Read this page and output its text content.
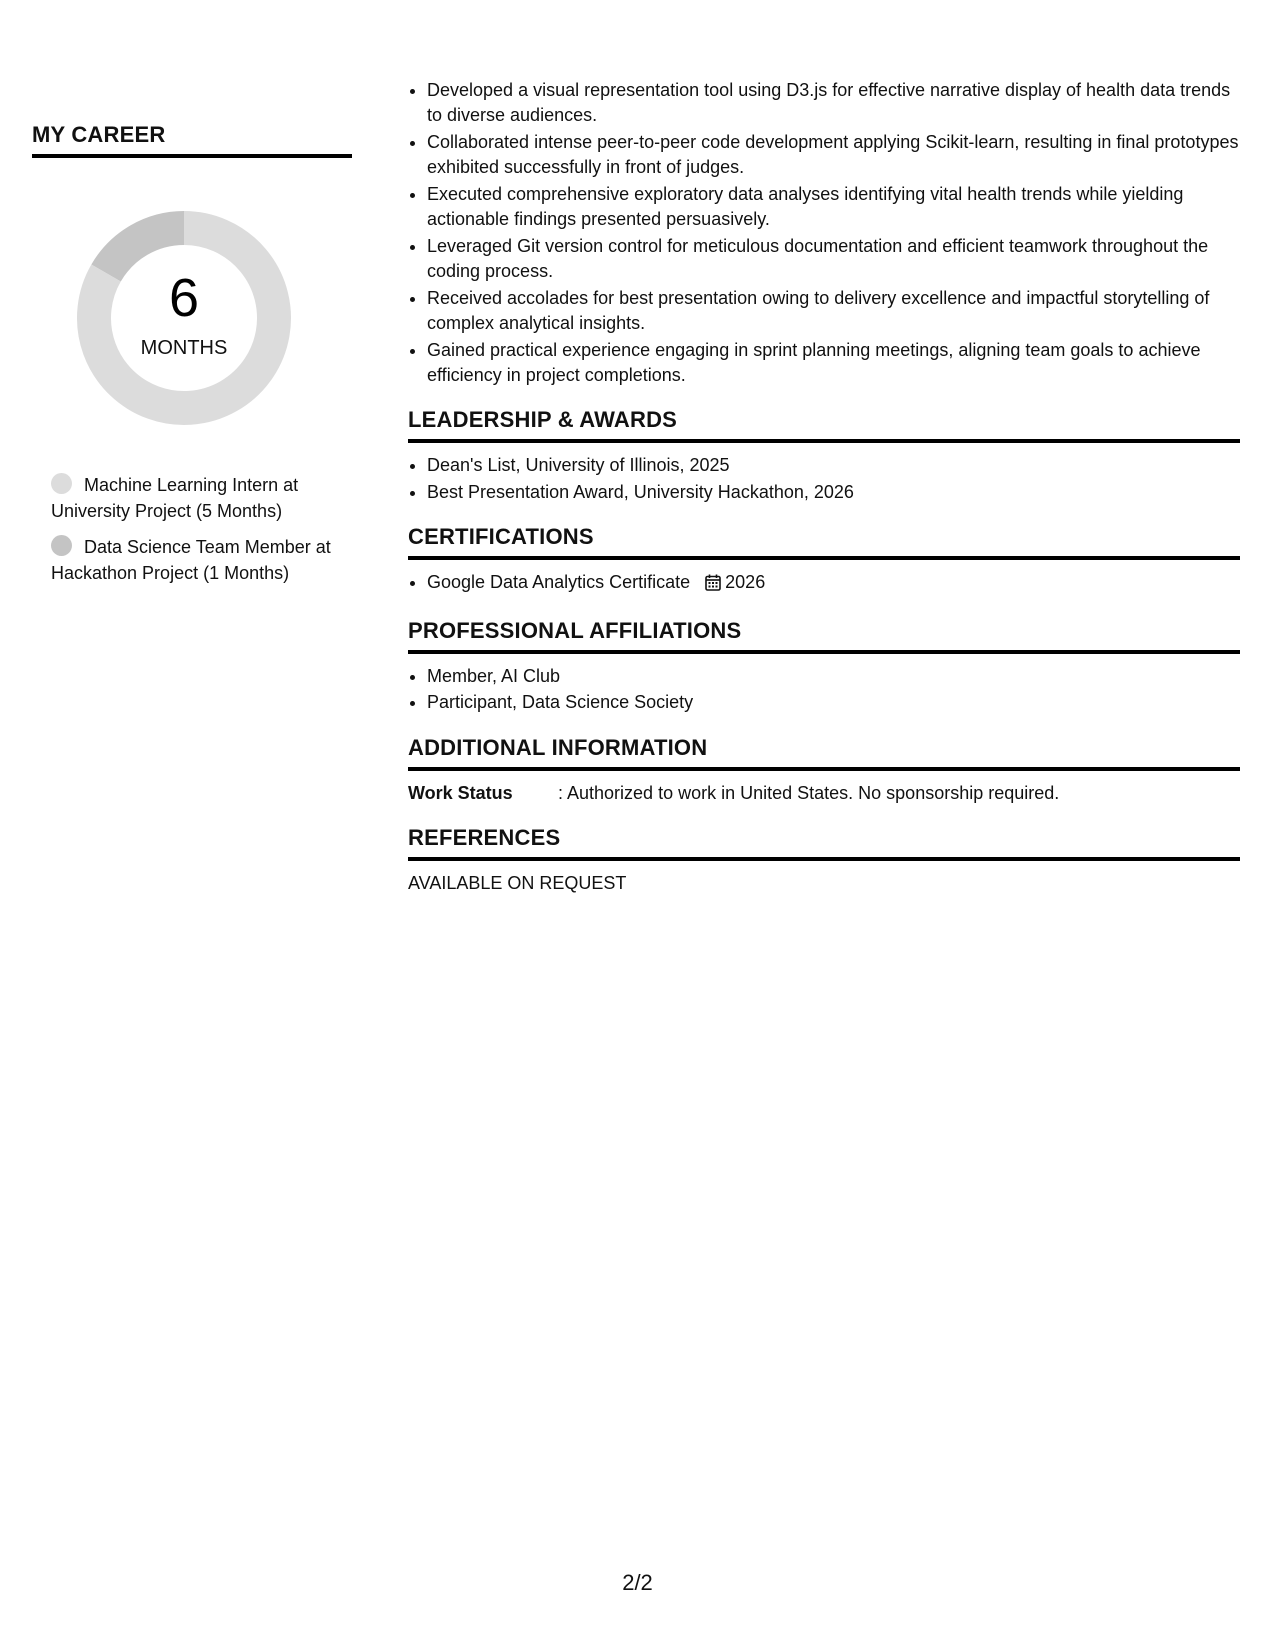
MY CAREER
6
MONTHS
Machine Learning Intern at University Project (5 Months)
Data Science Team Member at Hackathon Project (1 Months)
• Developed a visual representation tool using D3.js for effective narrative display of health data trends to diverse audiences.
• Collaborated intense peer-to-peer code development applying Scikit-learn, resulting in final prototypes exhibited successfully in front of judges.
• Executed comprehensive exploratory data analyses identifying vital health trends while yielding actionable findings presented persuasively.
• Leveraged Git version control for meticulous documentation and efficient teamwork throughout the coding process.
• Received accolades for best presentation owing to delivery excellence and impactful storytelling of complex analytical insights.
• Gained practical experience engaging in sprint planning meetings, aligning team goals to achieve efficiency in project completions.
LEADERSHIP & AWARDS
• Dean's List, University of Illinois, 2025
• Best Presentation Award, University Hackathon, 2026
CERTIFICATIONS
• Google Data Analytics Certificate 2026
PROFESSIONAL AFFILIATIONS
• Member, AI Club
• Participant, Data Science Society
ADDITIONAL INFORMATION
Work Status	: Authorized to work in United States. No sponsorship required.
REFERENCES
AVAILABLE ON REQUEST
2/2
